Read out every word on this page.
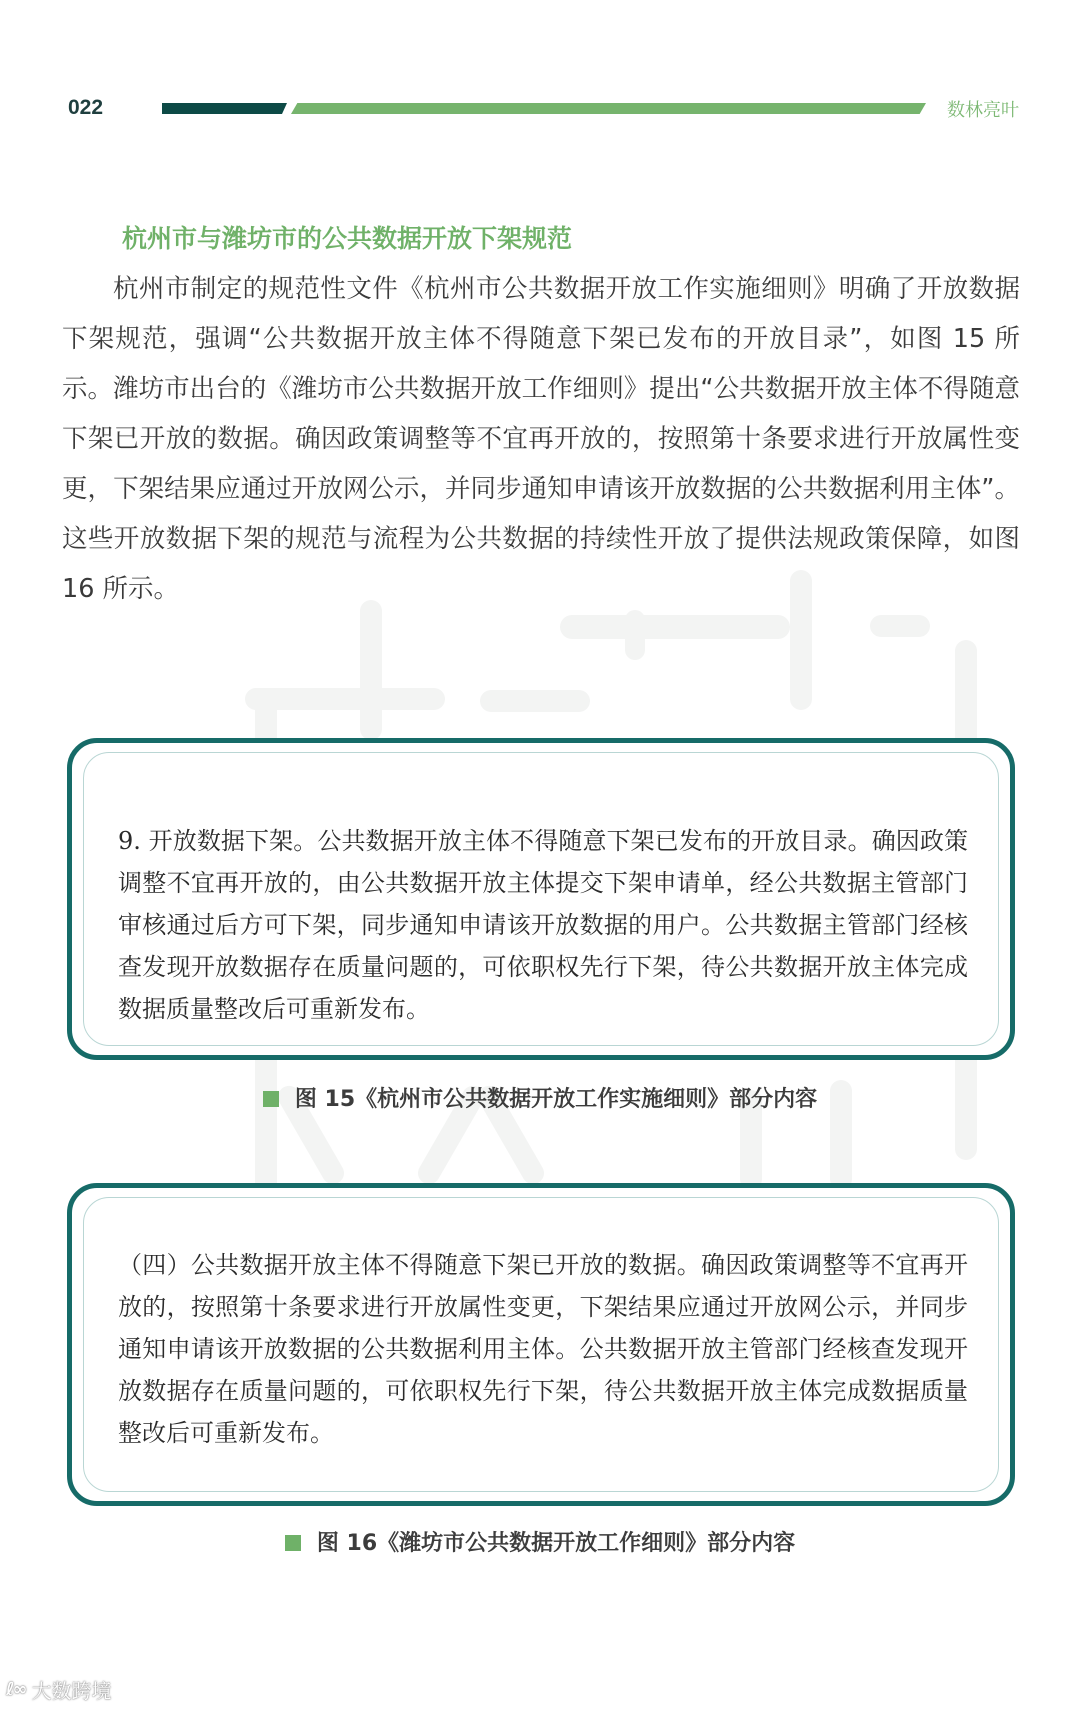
022	数林亮叶
杭州市与潍坊市的公共数据开放下架规范

杭州市制定的规范性文件《杭州市公共数据开放工作实施细则》明确了开放数据下架规范，强调“公共数据开放主体不得随意下架已发布的开放目录”，如图 15 所示。潍坊市出台的《潍坊市公共数据开放工作细则》提出“公共数据开放主体不得随意下架已开放的数据。确因政策调整等不宜再开放的，按照第十条要求进行开放属性变更，下架结果应通过开放网公示，并同步通知申请该开放数据的公共数据利用主体”。这些开放数据下架的规范与流程为公共数据的持续性开放了提供法规政策保障，如图 16 所示。

9. 开放数据下架。公共数据开放主体不得随意下架已发布的开放目录。确因政策调整不宜再开放的，由公共数据开放主体提交下架申请单，经公共数据主管部门审核通过后方可下架，同步通知申请该开放数据的用户。公共数据主管部门经核查发现开放数据存在质量问题的，可依职权先行下架，待公共数据开放主体完成数据质量整改后可重新发布。
图 15《杭州市公共数据开放工作实施细则》部分内容
（四）公共数据开放主体不得随意下架已开放的数据。确因政策调整等不宜再开放的，按照第十条要求进行开放属性变更，下架结果应通过开放网公示，并同步通知申请该开放数据的公共数据利用主体。公共数据开放主管部门经核查发现开放数据存在质量问题的，可依职权先行下架，待公共数据开放主体完成数据质量整改后可重新发布。
图 16《潍坊市公共数据开放工作细则》部分内容
ℓ∞ 大数跨境
